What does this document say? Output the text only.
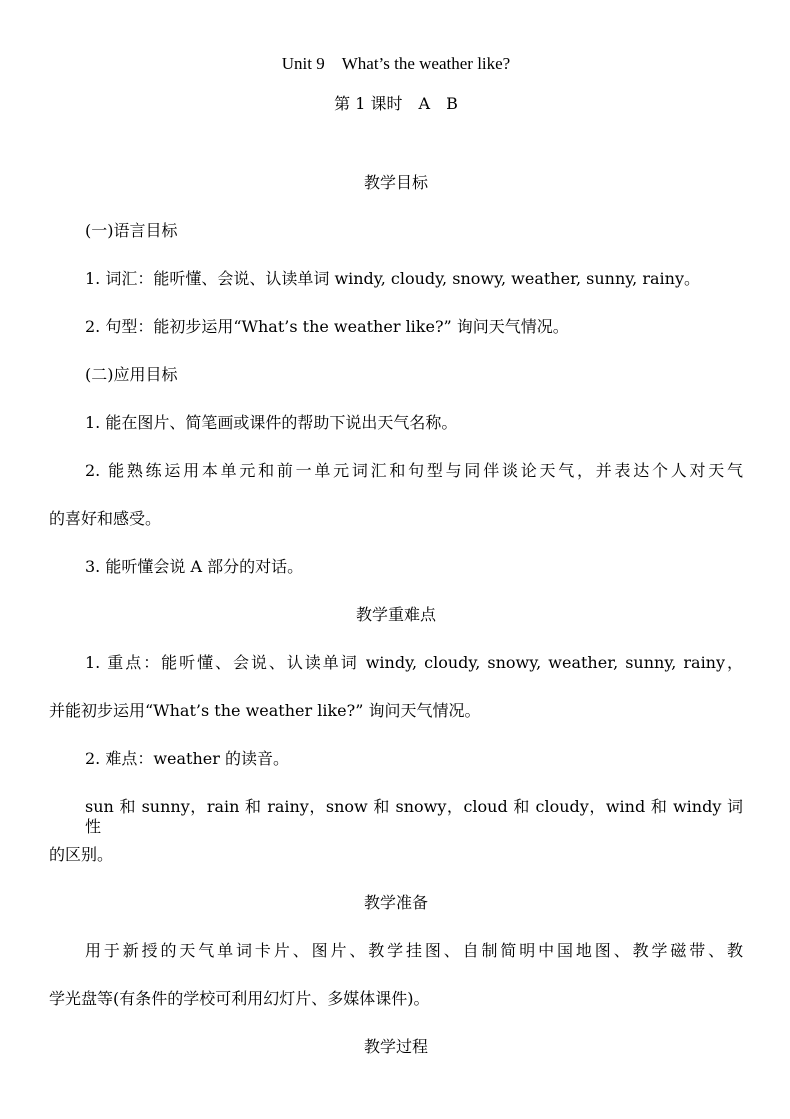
Unit 9　What’s the weather like?
第 1 课时　A　B
教学目标
(一)语言目标
1. 词汇：能听懂、会说、认读单词 windy, cloudy, snowy, weather, sunny, rainy。
2. 句型：能初步运用“What’s the weather like?” 询问天气情况。
(二)应用目标
1. 能在图片、简笔画或课件的帮助下说出天气名称。
2. 能熟练运用本单元和前一单元词汇和句型与同伴谈论天气，并表达个人对天气
的喜好和感受。
3. 能听懂会说 A 部分的对话。
教学重难点
1. 重点：能听懂、会说、认读单词 windy, cloudy, snowy, weather, sunny, rainy，
并能初步运用“What’s the weather like?” 询问天气情况。
2. 难点：weather 的读音。
sun 和 sunny，rain 和 rainy，snow 和 snowy，cloud 和 cloudy，wind 和 windy 词性
的区别。
教学准备
用于新授的天气单词卡片、图片、教学挂图、自制简明中国地图、教学磁带、教
学光盘等(有条件的学校可利用幻灯片、多媒体课件)。
教学过程
